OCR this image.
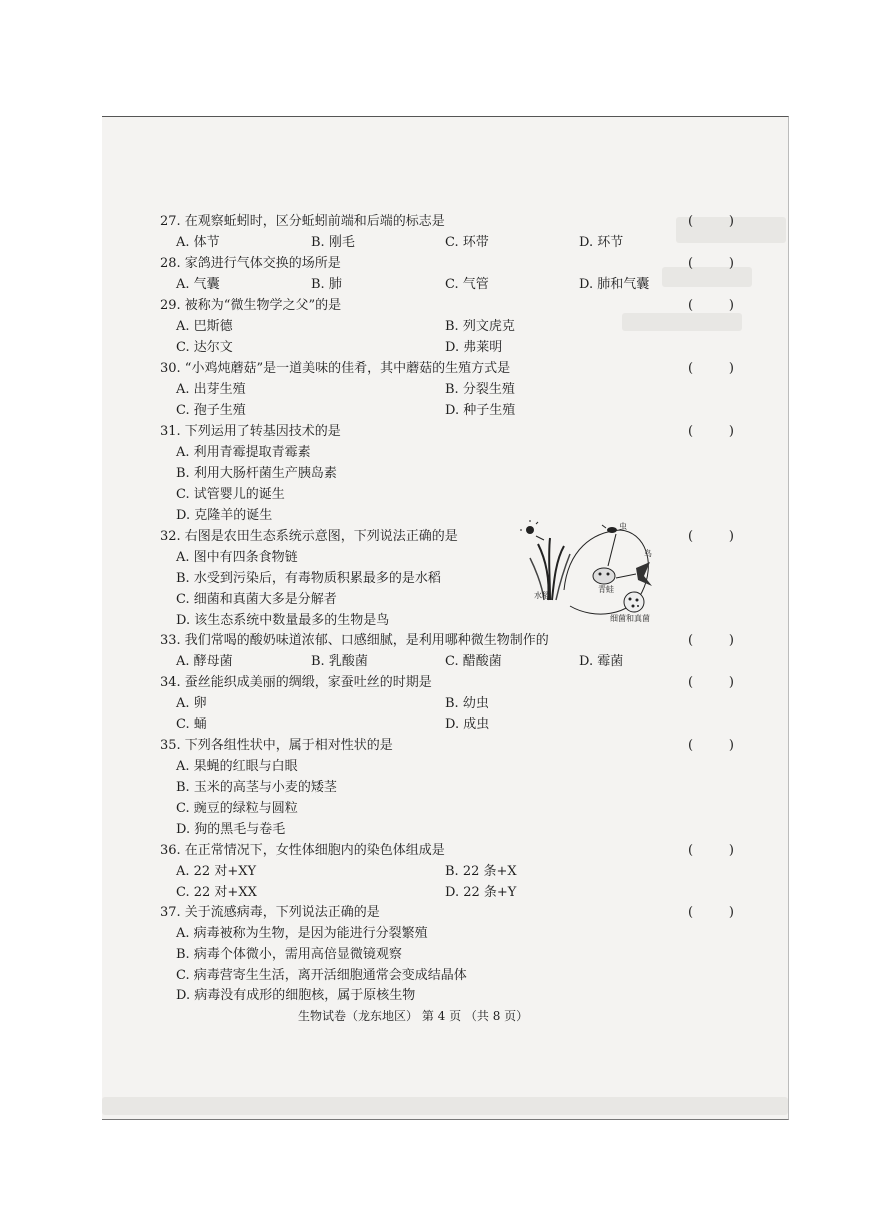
27. 在观察蚯蚓时，区分蚯蚓前端和后端的标志是	(	)
A. 体节	B. 刚毛	C. 环带	D. 环节
28. 家鸽进行气体交换的场所是	(	)
A. 气囊	B. 肺	C. 气管	D. 肺和气囊
29. 被称为“微生物学之父”的是	(	)
A. 巴斯德	B. 列文虎克
C. 达尔文	D. 弗莱明
30. “小鸡炖蘑菇”是一道美味的佳肴，其中蘑菇的生殖方式是	(	)
A. 出芽生殖	B. 分裂生殖
C. 孢子生殖	D. 种子生殖
31. 下列运用了转基因技术的是	(	)
A. 利用青霉提取青霉素
B. 利用大肠杆菌生产胰岛素
C. 试管婴儿的诞生
D. 克隆羊的诞生
32. 右图是农田生态系统示意图，下列说法正确的是	(	)
A. 图中有四条食物链
B. 水受到污染后，有毒物质积累最多的是水稻
C. 细菌和真菌大多是分解者
D. 该生态系统中数量最多的生物是鸟
虫
鸟
青蛙
水稻
细菌和真菌
33. 我们常喝的酸奶味道浓郁、口感细腻，是利用哪种微生物制作的	(	)
A. 酵母菌	B. 乳酸菌	C. 醋酸菌	D. 霉菌
34. 蚕丝能织成美丽的绸缎，家蚕吐丝的时期是	(	)
A. 卵	B. 幼虫
C. 蛹	D. 成虫
35. 下列各组性状中，属于相对性状的是	(	)
A. 果蝇的红眼与白眼
B. 玉米的高茎与小麦的矮茎
C. 豌豆的绿粒与圆粒
D. 狗的黑毛与卷毛
36. 在正常情况下，女性体细胞内的染色体组成是	(	)
A. 22 对+XY	B. 22 条+X
C. 22 对+XX	D. 22 条+Y
37. 关于流感病毒，下列说法正确的是	(	)
A. 病毒被称为生物，是因为能进行分裂繁殖
B. 病毒个体微小，需用高倍显微镜观察
C. 病毒营寄生生活，离开活细胞通常会变成结晶体
D. 病毒没有成形的细胞核，属于原核生物
生物试卷（龙东地区） 第 4 页 （共 8 页）
